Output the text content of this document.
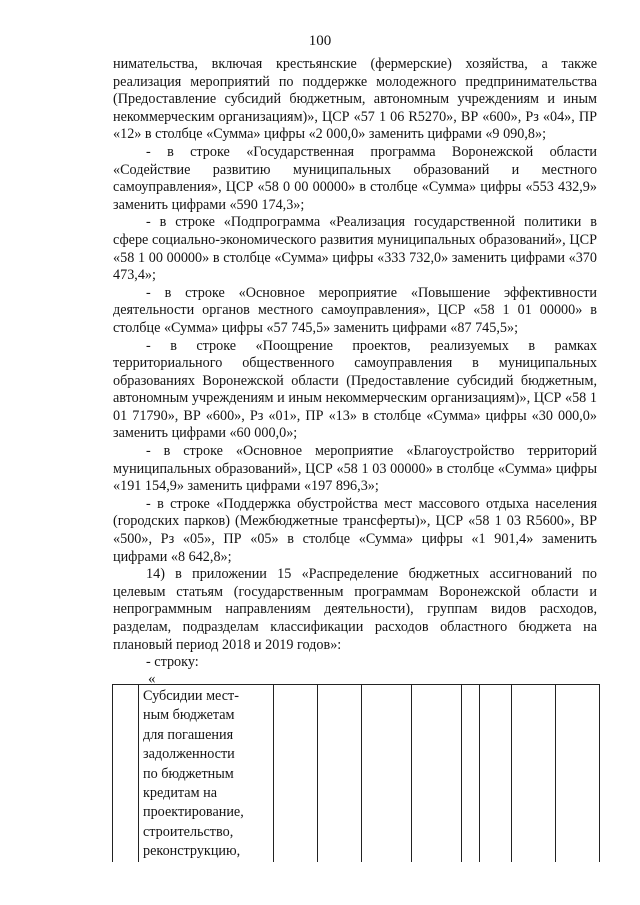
100

нимательства, включая крестьянские (фермерские) хозяйства, а также реализация мероприятий по поддержке молодежного предпринимательства (Предоставление субсидий бюджетным, автономным учреждениям и иным некоммерческим организациям)», ЦСР «57 1 06 R5270», ВР «600», Рз «04», ПР «12» в столбце «Сумма» цифры «2 000,0» заменить цифрами «9 090,8»;

- в строке «Государственная программа Воронежской области «Содействие развитию муниципальных образований и местного самоуправления», ЦСР «58 0 00 00000» в столбце «Сумма» цифры «553 432,9» заменить цифрами «590 174,3»;

- в строке «Подпрограмма «Реализация государственной политики в сфере социально-экономического развития муниципальных образований», ЦСР «58 1 00 00000» в столбце «Сумма» цифры «333 732,0» заменить цифрами «370 473,4»;

- в строке «Основное мероприятие «Повышение эффективности деятельности органов местного самоуправления», ЦСР «58 1 01 00000» в столбце «Сумма» цифры «57 745,5» заменить цифрами «87 745,5»;

- в строке «Поощрение проектов, реализуемых в рамках территориального общественного самоуправления в муниципальных образованиях Воронежской области (Предоставление субсидий бюджетным, автономным учреждениям и иным некоммерческим организациям)», ЦСР «58 1 01 71790», ВР «600», Рз «01», ПР «13» в столбце «Сумма» цифры «30 000,0» заменить цифрами «60 000,0»;

- в строке «Основное мероприятие «Благоустройство территорий муниципальных образований», ЦСР «58 1 03 00000» в столбце «Сумма» цифры «191 154,9» заменить цифрами «197 896,3»;

- в строке «Поддержка обустройства мест массового отдыха населения (городских парков) (Межбюджетные трансферты)», ЦСР «58 1 03 R5600», ВР «500», Рз «05», ПР «05» в столбце «Сумма» цифры «1 901,4» заменить цифрами «8 642,8»;

14) в приложении 15 «Распределение бюджетных ассигнований по целевым статьям (государственным программам Воронежской области и непрограммным направлениям деятельности), группам видов расходов, разделам, подразделам классификации расходов областного бюджета на плановый период 2018 и 2019 годов»:

- строку:

«

Субсидии мест-
ным бюджетам
для погашения
задолженности
по бюджетным
кредитам на
проектирование,
строительство,
реконструкцию,
